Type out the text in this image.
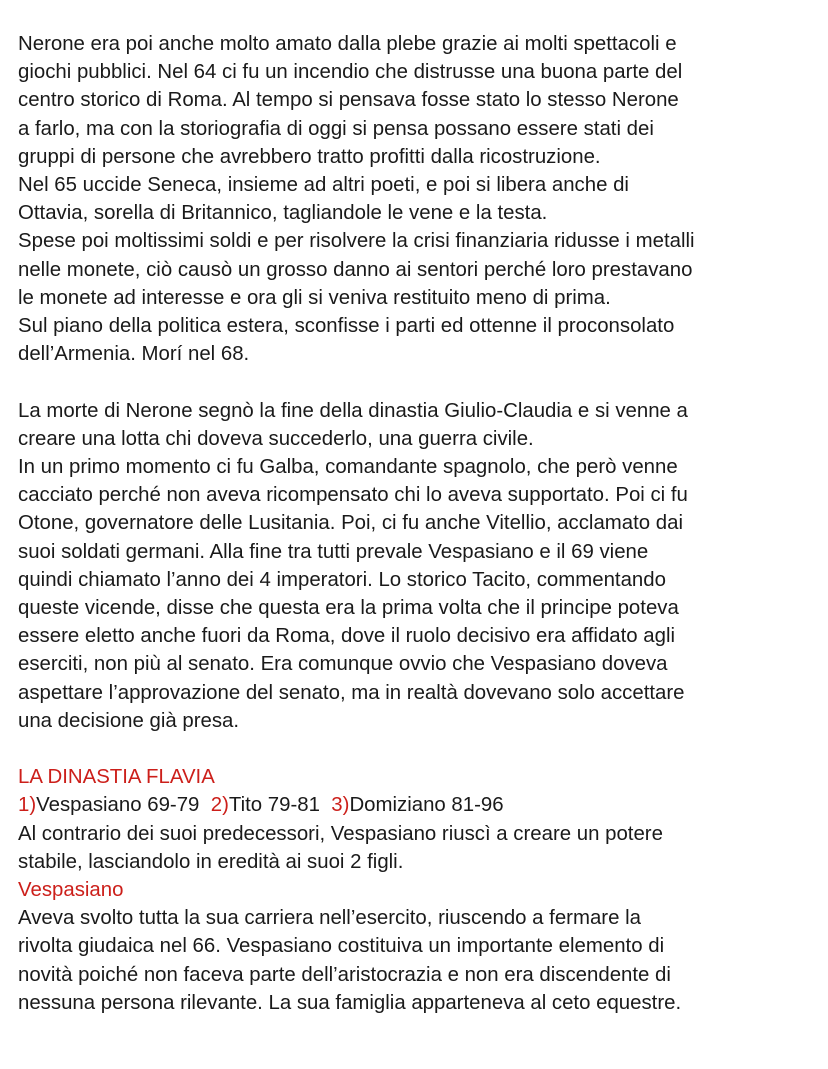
Nerone era poi anche molto amato dalla plebe grazie ai molti spettacoli e
giochi pubblici. Nel 64 ci fu un incendio che distrusse una buona parte del
centro storico di Roma. Al tempo si pensava fosse stato lo stesso Nerone
a farlo, ma con la storiografia di oggi si pensa possano essere stati dei
gruppi di persone che avrebbero tratto profitti dalla ricostruzione.
Nel 65 uccide Seneca, insieme ad altri poeti, e poi si libera anche di
Ottavia, sorella di Britannico, tagliandole le vene e la testa.
Spese poi moltissimi soldi e per risolvere la crisi finanziaria ridusse i metalli
nelle monete, ciò causò un grosso danno ai sentori perché loro prestavano
le monete ad interesse e ora gli si veniva restituito meno di prima.
Sul piano della politica estera, sconfisse i parti ed ottenne il proconsolato
dell’Armenia. Morí nel 68.
La morte di Nerone segnò la fine della dinastia Giulio-Claudia e si venne a
creare una lotta chi doveva succederlo, una guerra civile.
In un primo momento ci fu Galba, comandante spagnolo, che però venne
cacciato perché non aveva ricompensato chi lo aveva supportato. Poi ci fu
Otone, governatore delle Lusitania. Poi, ci fu anche Vitellio, acclamato dai
suoi soldati germani. Alla fine tra tutti prevale Vespasiano e il 69 viene
quindi chiamato l’anno dei 4 imperatori. Lo storico Tacito, commentando
queste vicende, disse che questa era la prima volta che il principe poteva
essere eletto anche fuori da Roma, dove il ruolo decisivo era affidato agli
eserciti, non più al senato. Era comunque ovvio che Vespasiano doveva
aspettare l’approvazione del senato, ma in realtà dovevano solo accettare
una decisione già presa.
LA DINASTIA FLAVIA
1)Vespasiano 69-79 2)Tito 79-81 3)Domiziano 81-96
Al contrario dei suoi predecessori, Vespasiano riuscì a creare un potere
stabile, lasciandolo in eredità ai suoi 2 figli.
Vespasiano
Aveva svolto tutta la sua carriera nell’esercito, riuscendo a fermare la
rivolta giudaica nel 66. Vespasiano costituiva un importante elemento di
novità poiché non faceva parte dell’aristocrazia e non era discendente di
nessuna persona rilevante. La sua famiglia apparteneva al ceto equestre.
